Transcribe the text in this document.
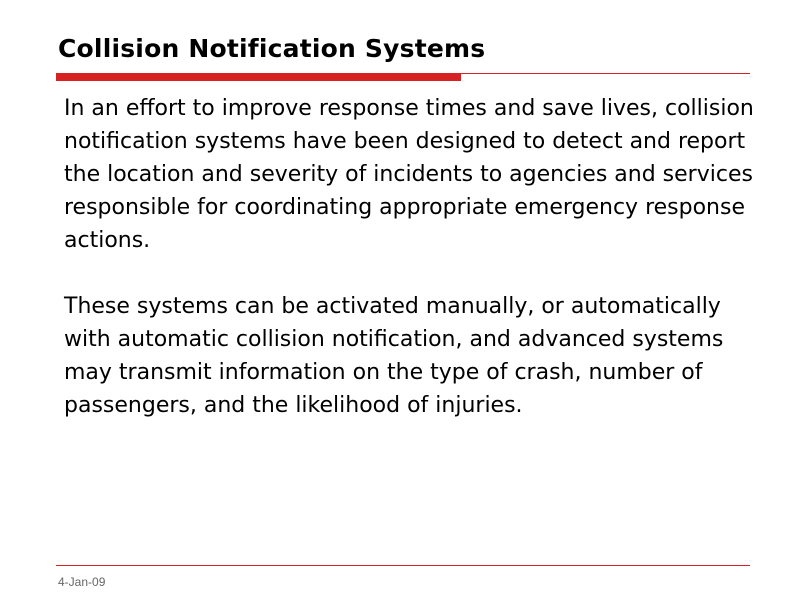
Collision Notification Systems

In an effort to improve response times and save lives, collision notification systems have been designed to detect and report the location and severity of incidents to agencies and services responsible for coordinating appropriate emergency response actions.

These systems can be activated manually, or automatically with automatic collision notification, and advanced systems may transmit information on the type of crash, number of passengers, and the likelihood of injuries.

4-Jan-09
